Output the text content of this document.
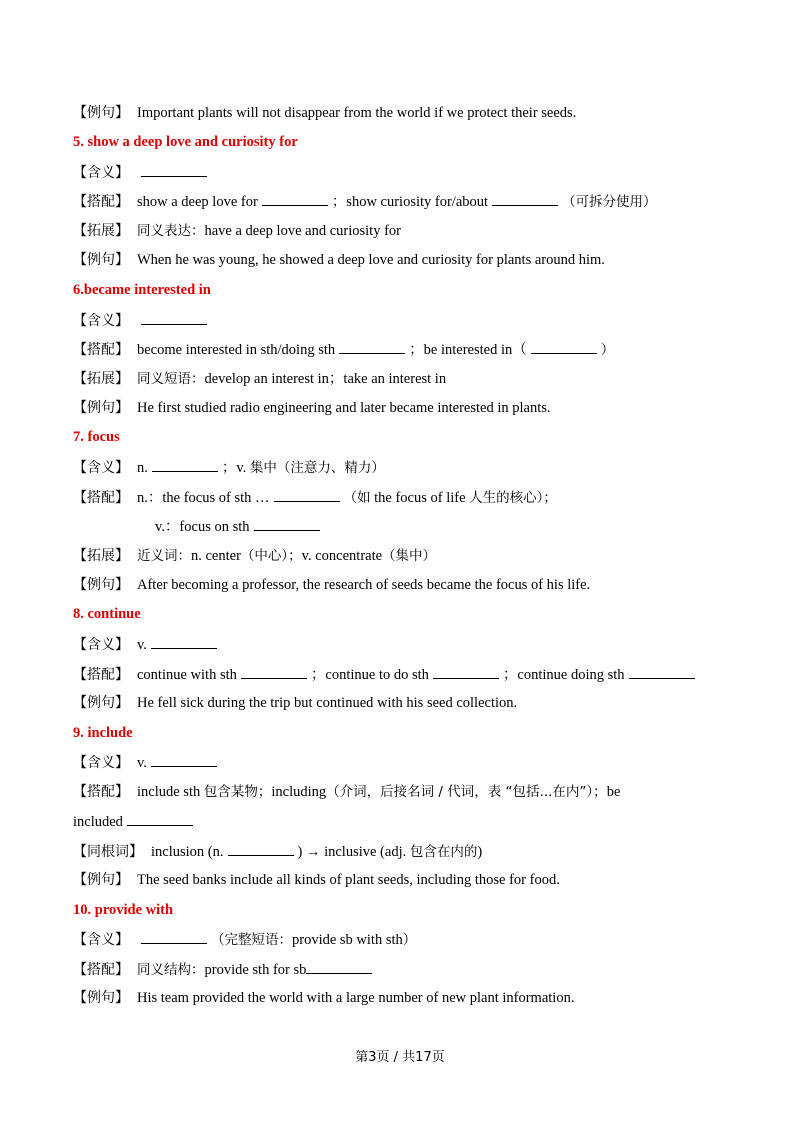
【例句】 Important plants will not disappear from the world if we protect their seeds.
5. show a deep love and curiosity for
【含义】
【搭配】 show a deep love for	；show curiosity for/about	（可拆分使用）
【拓展】 同义表达：have a deep love and curiosity for
【例句】 When he was young, he showed a deep love and curiosity for plants around him.
6.became interested in
【含义】
【搭配】 become interested in sth/doing sth	；be interested in（	）
【拓展】 同义短语：develop an interest in；take an interest in
【例句】 He first studied radio engineering and later became interested in plants.
7. focus
【含义】 n.	；v. 集中（注意力、精力）
【搭配】 n.：the focus of sth …	（如 the focus of life 人生的核心）；
v.：focus on sth
【拓展】 近义词：n. center（中心）；v. concentrate（集中）
【例句】 After becoming a professor, the research of seeds became the focus of his life.
8. continue
【含义】 v.
【搭配】 continue with sth	；continue to do sth	；continue doing sth
【例句】 He fell sick during the trip but continued with his seed collection.
9. include
【含义】 v.
【搭配】 include sth 包含某物；including（介词，后接名词 / 代词，表 “包括...在内”）；be
included
【同根词】 inclusion (n.	) → inclusive (adj. 包含在内的)
【例句】 The seed banks include all kinds of plant seeds, including those for food.
10. provide with
【含义】	（完整短语：provide sb with sth）
【搭配】 同义结构：provide sth for sb
【例句】 His team provided the world with a large number of new plant information.
第3页 / 共17页
